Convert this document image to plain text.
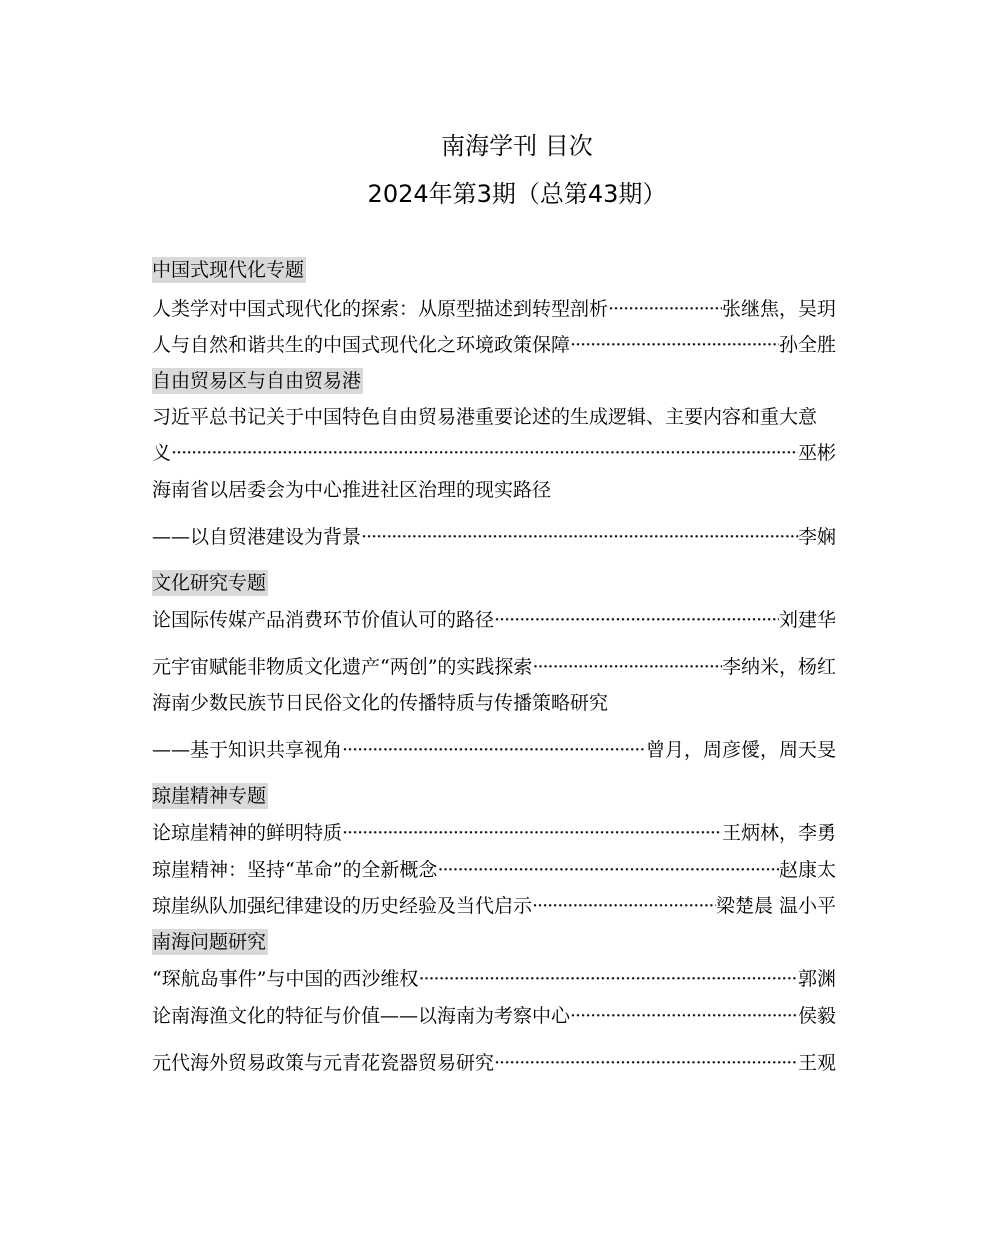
南海学刊 目次
2024年第3期（总第43期）
中国式现代化专题
人类学对中国式现代化的探索：从原型描述到转型剖析 ·····	张继焦，吴玥
人与自然和谐共生的中国式现代化之环境政策保障 ·····	孙全胜
自由贸易区与自由贸易港
习近平总书记关于中国特色自由贸易港重要论述的生成逻辑、主要内容和重大意
义 ·····	巫彬
海南省以居委会为中心推进社区治理的现实路径
——以自贸港建设为背景 ·····	李娴
文化研究专题
论国际传媒产品消费环节价值认可的路径 ·····	刘建华
元宇宙赋能非物质文化遗产“两创”的实践探索 ·····	李纳米，杨红
海南少数民族节日民俗文化的传播特质与传播策略研究
——基于知识共享视角 ·····	曾月，周彦僾，周天旻
琼崖精神专题
论琼崖精神的鲜明特质 ·····	王炳林，李勇
琼崖精神：坚持“革命”的全新概念 ·····	赵康太
琼崖纵队加强纪律建设的历史经验及当代启示 ·····	梁楚晨 温小平
南海问题研究
“琛航岛事件”与中国的西沙维权 ·····	郭渊
论南海渔文化的特征与价值——以海南为考察中心 ·····	侯毅
元代海外贸易政策与元青花瓷器贸易研究 ·····	王观
